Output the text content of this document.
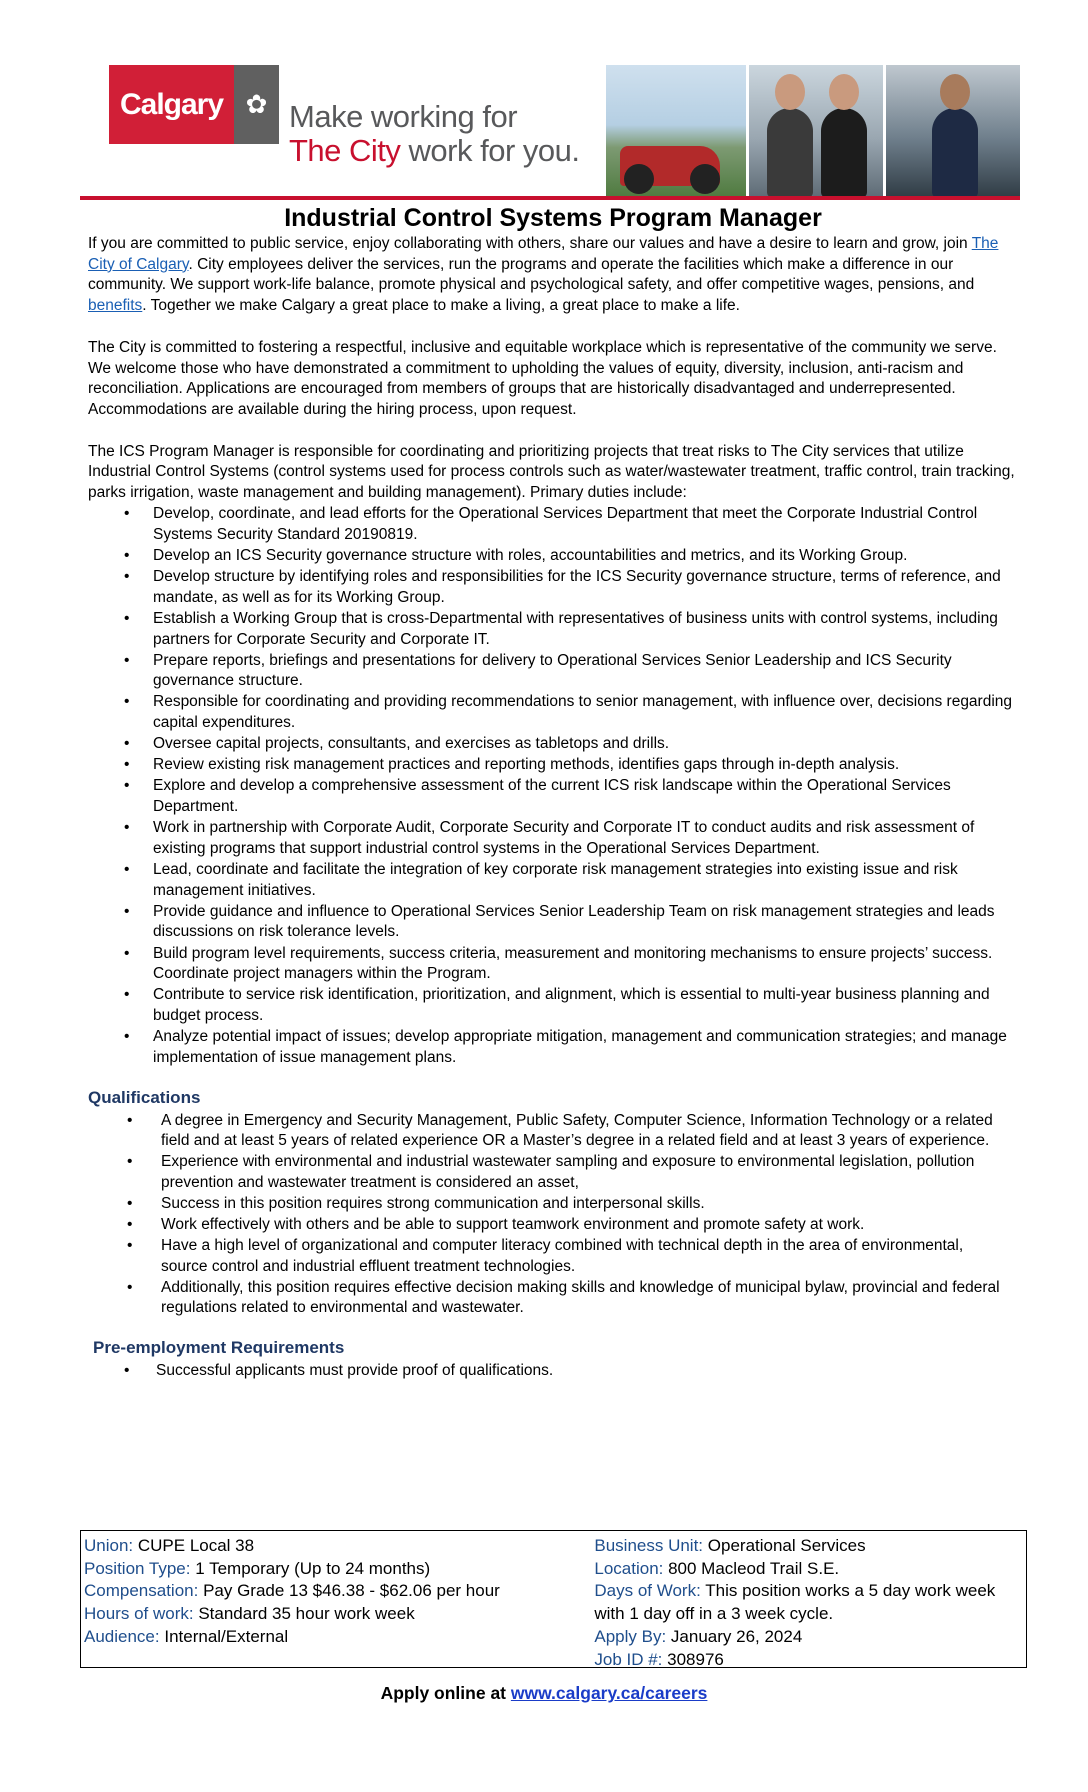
Calgary ✿ Make working for
The City work for you.
Industrial Control Systems Program Manager

If you are committed to public service, enjoy collaborating with others, share our values and have a desire to learn and grow, join The City of Calgary. City employees deliver the services, run the programs and operate the facilities which make a difference in our community. We support work-life balance, promote physical and psychological safety, and offer competitive wages, pensions, and benefits. Together we make Calgary a great place to make a living, a great place to make a life.

The City is committed to fostering a respectful, inclusive and equitable workplace which is representative of the community we serve. We welcome those who have demonstrated a commitment to upholding the values of equity, diversity, inclusion, anti-racism and reconciliation. Applications are encouraged from members of groups that are historically disadvantaged and underrepresented. Accommodations are available during the hiring process, upon request.

The ICS Program Manager is responsible for coordinating and prioritizing projects that treat risks to The City services that utilize Industrial Control Systems (control systems used for process controls such as water/wastewater treatment, traffic control, train tracking, parks irrigation, waste management and building management). Primary duties include:

• Develop, coordinate, and lead efforts for the Operational Services Department that meet the Corporate Industrial Control Systems Security Standard 20190819.
• Develop an ICS Security governance structure with roles, accountabilities and metrics, and its Working Group.
• Develop structure by identifying roles and responsibilities for the ICS Security governance structure, terms of reference, and mandate, as well as for its Working Group.
• Establish a Working Group that is cross-Departmental with representatives of business units with control systems, including partners for Corporate Security and Corporate IT.
• Prepare reports, briefings and presentations for delivery to Operational Services Senior Leadership and ICS Security governance structure.
• Responsible for coordinating and providing recommendations to senior management, with influence over, decisions regarding capital expenditures.
• Oversee capital projects, consultants, and exercises as tabletops and drills.
• Review existing risk management practices and reporting methods, identifies gaps through in-depth analysis.
• Explore and develop a comprehensive assessment of the current ICS risk landscape within the Operational Services Department.
• Work in partnership with Corporate Audit, Corporate Security and Corporate IT to conduct audits and risk assessment of existing programs that support industrial control systems in the Operational Services Department.
• Lead, coordinate and facilitate the integration of key corporate risk management strategies into existing issue and risk management initiatives.
• Provide guidance and influence to Operational Services Senior Leadership Team on risk management strategies and leads discussions on risk tolerance levels.
• Build program level requirements, success criteria, measurement and monitoring mechanisms to ensure projects’ success. Coordinate project managers within the Program.
• Contribute to service risk identification, prioritization, and alignment, which is essential to multi-year business planning and budget process.
• Analyze potential impact of issues; develop appropriate mitigation, management and communication strategies; and manage implementation of issue management plans.
Qualifications
• A degree in Emergency and Security Management, Public Safety, Computer Science, Information Technology or a related field and at least 5 years of related experience OR a Master’s degree in a related field and at least 3 years of experience.
• Experience with environmental and industrial wastewater sampling and exposure to environmental legislation, pollution prevention and wastewater treatment is considered an asset,
• Success in this position requires strong communication and interpersonal skills.
• Work effectively with others and be able to support teamwork environment and promote safety at work.
• Have a high level of organizational and computer literacy combined with technical depth in the area of environmental, source control and industrial effluent treatment technologies.
• Additionally, this position requires effective decision making skills and knowledge of municipal bylaw, provincial and federal regulations related to environmental and wastewater.
Pre-employment Requirements
• Successful applicants must provide proof of qualifications.
Union: CUPE Local 38
Position Type: 1 Temporary (Up to 24 months)
Compensation: Pay Grade 13 $46.38 - $62.06 per hour
Hours of work: Standard 35 hour work week
Audience: Internal/External
Business Unit: Operational Services
Location: 800 Macleod Trail S.E.
Days of Work: This position works a 5 day work week with 1 day off in a 3 week cycle.
Apply By: January 26, 2024
Job ID #: 308976
Apply online at www.calgary.ca/careers
